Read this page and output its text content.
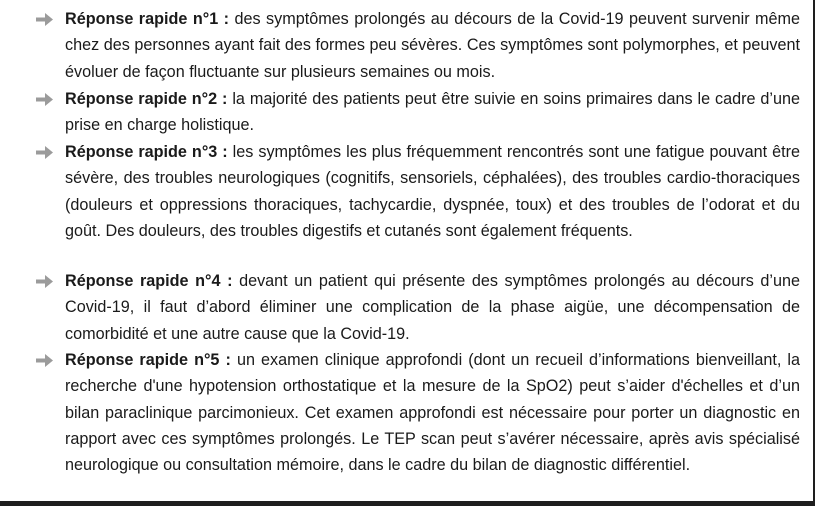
Réponse rapide n°1 : des symptômes prolongés au décours de la Covid-19 peuvent survenir même chez des personnes ayant fait des formes peu sévères. Ces symptômes sont polymorphes, et peuvent évoluer de façon fluctuante sur plusieurs semaines ou mois.
Réponse rapide n°2 : la majorité des patients peut être suivie en soins primaires dans le cadre d’une prise en charge holistique.
Réponse rapide n°3 : les symptômes les plus fréquemment rencontrés sont une fatigue pouvant être sévère, des troubles neurologiques (cognitifs, sensoriels, céphalées), des troubles cardio-thoraciques (douleurs et oppressions thoraciques, tachycardie, dyspnée, toux) et des troubles de l’odorat et du goût. Des douleurs, des troubles digestifs et cutanés sont également fréquents.
Réponse rapide n°4 : devant un patient qui présente des symptômes prolongés au décours d’une Covid-19, il faut d’abord éliminer une complication de la phase aigüe, une décompensation de comorbidité et une autre cause que la Covid-19.
Réponse rapide n°5 : un examen clinique approfondi (dont un recueil d’informations bienveillant, la recherche d'une hypotension orthostatique et la mesure de la SpO2) peut s’aider d'échelles et d’un bilan paraclinique parcimonieux. Cet examen approfondi est nécessaire pour porter un diagnostic en rapport avec ces symptômes prolongés. Le TEP scan peut s’avérer nécessaire, après avis spécialisé neurologique ou consultation mémoire, dans le cadre du bilan de diagnostic différentiel.
